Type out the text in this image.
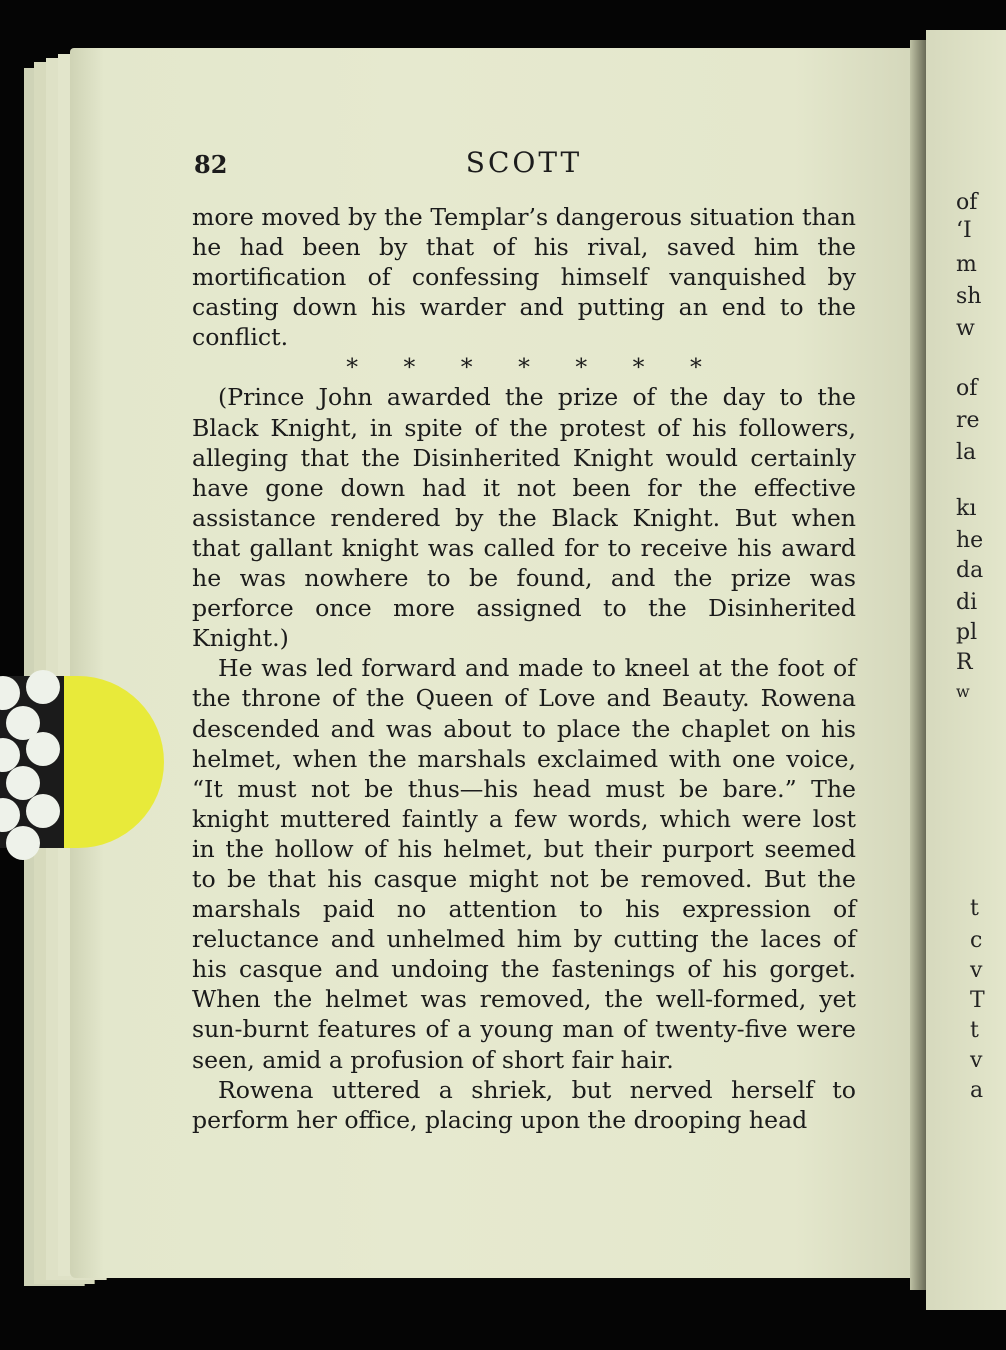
of
‘I
m
sh
w
of
re
la
kı
he
da
di
pl
R
w
t
c
v
T
t
v
a
82	SCOTT

more moved by the Templar’s dangerous situation than he had been by that of his rival, saved him the mortification of confessing himself vanquished by casting down his warder and putting an end to the conflict.

* * * * * * *

(Prince John awarded the prize of the day to the Black Knight, in spite of the protest of his followers, alleging that the Disinherited Knight would certainly have gone down had it not been for the effective assistance rendered by the Black Knight. But when that gallant knight was called for to receive his award he was nowhere to be found, and the prize was perforce once more assigned to the Disinherited Knight.)

He was led forward and made to kneel at the foot of the throne of the Queen of Love and Beauty. Rowena descended and was about to place the chaplet on his helmet, when the marshals exclaimed with one voice, “It must not be thus—his head must be bare.” The knight muttered faintly a few words, which were lost in the hollow of his helmet, but their purport seemed to be that his casque might not be removed. But the marshals paid no attention to his expression of reluctance and unhelmed him by cutting the laces of his casque and undoing the fastenings of his gorget. When the helmet was removed, the well-formed, yet sun-burnt features of a young man of twenty-five were seen, amid a profusion of short fair hair.

Rowena uttered a shriek, but nerved herself to perform her office, placing upon the drooping head
